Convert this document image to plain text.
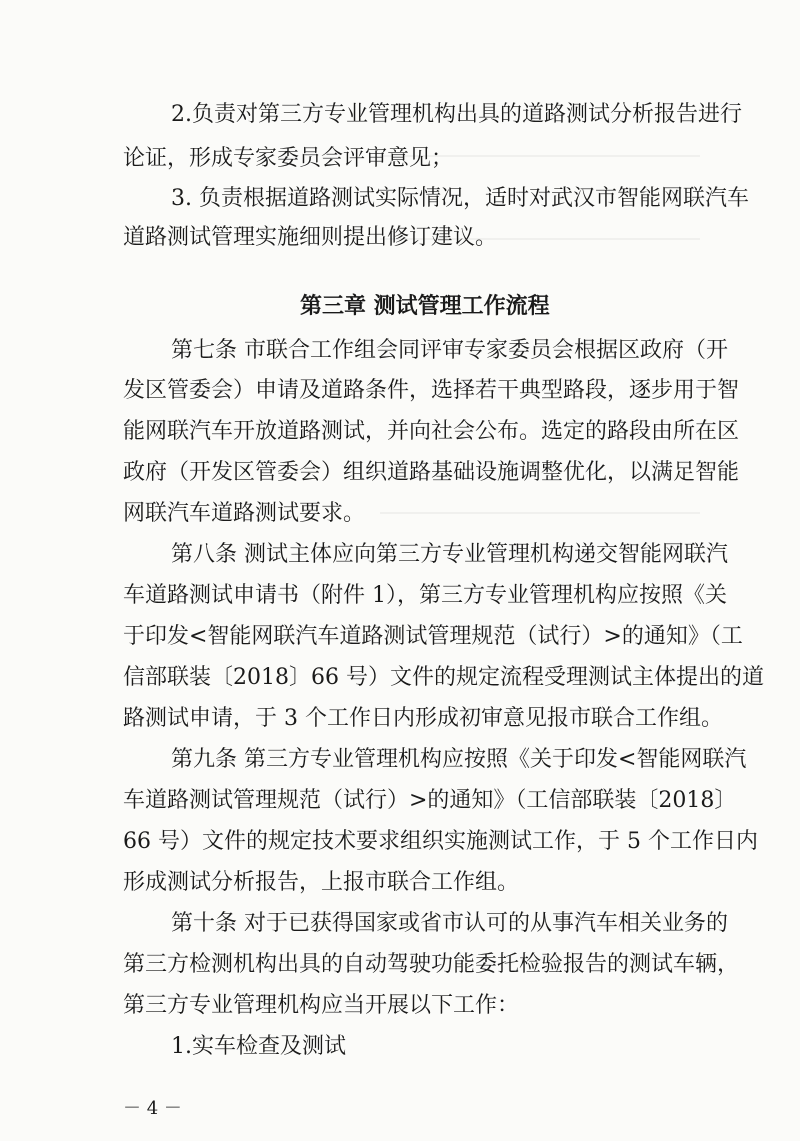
2.负责对第三方专业管理机构出具的道路测试分析报告进行
论证，形成专家委员会评审意见；
3. 负责根据道路测试实际情况，适时对武汉市智能网联汽车
道路测试管理实施细则提出修订建议。
第三章 测试管理工作流程
第七条 市联合工作组会同评审专家委员会根据区政府（开
发区管委会）申请及道路条件，选择若干典型路段，逐步用于智
能网联汽车开放道路测试，并向社会公布。选定的路段由所在区
政府（开发区管委会）组织道路基础设施调整优化，以满足智能
网联汽车道路测试要求。
第八条 测试主体应向第三方专业管理机构递交智能网联汽
车道路测试申请书（附件 1），第三方专业管理机构应按照《关
于印发<智能网联汽车道路测试管理规范（试行）>的通知》（工
信部联装〔2018〕66 号）文件的规定流程受理测试主体提出的道
路测试申请，于 3 个工作日内形成初审意见报市联合工作组。
第九条 第三方专业管理机构应按照《关于印发<智能网联汽
车道路测试管理规范（试行）>的通知》（工信部联装〔2018〕
66 号）文件的规定技术要求组织实施测试工作，于 5 个工作日内
形成测试分析报告，上报市联合工作组。
第十条 对于已获得国家或省市认可的从事汽车相关业务的
第三方检测机构出具的自动驾驶功能委托检验报告的测试车辆，
第三方专业管理机构应当开展以下工作：
1.实车检查及测试
－ 4 －
